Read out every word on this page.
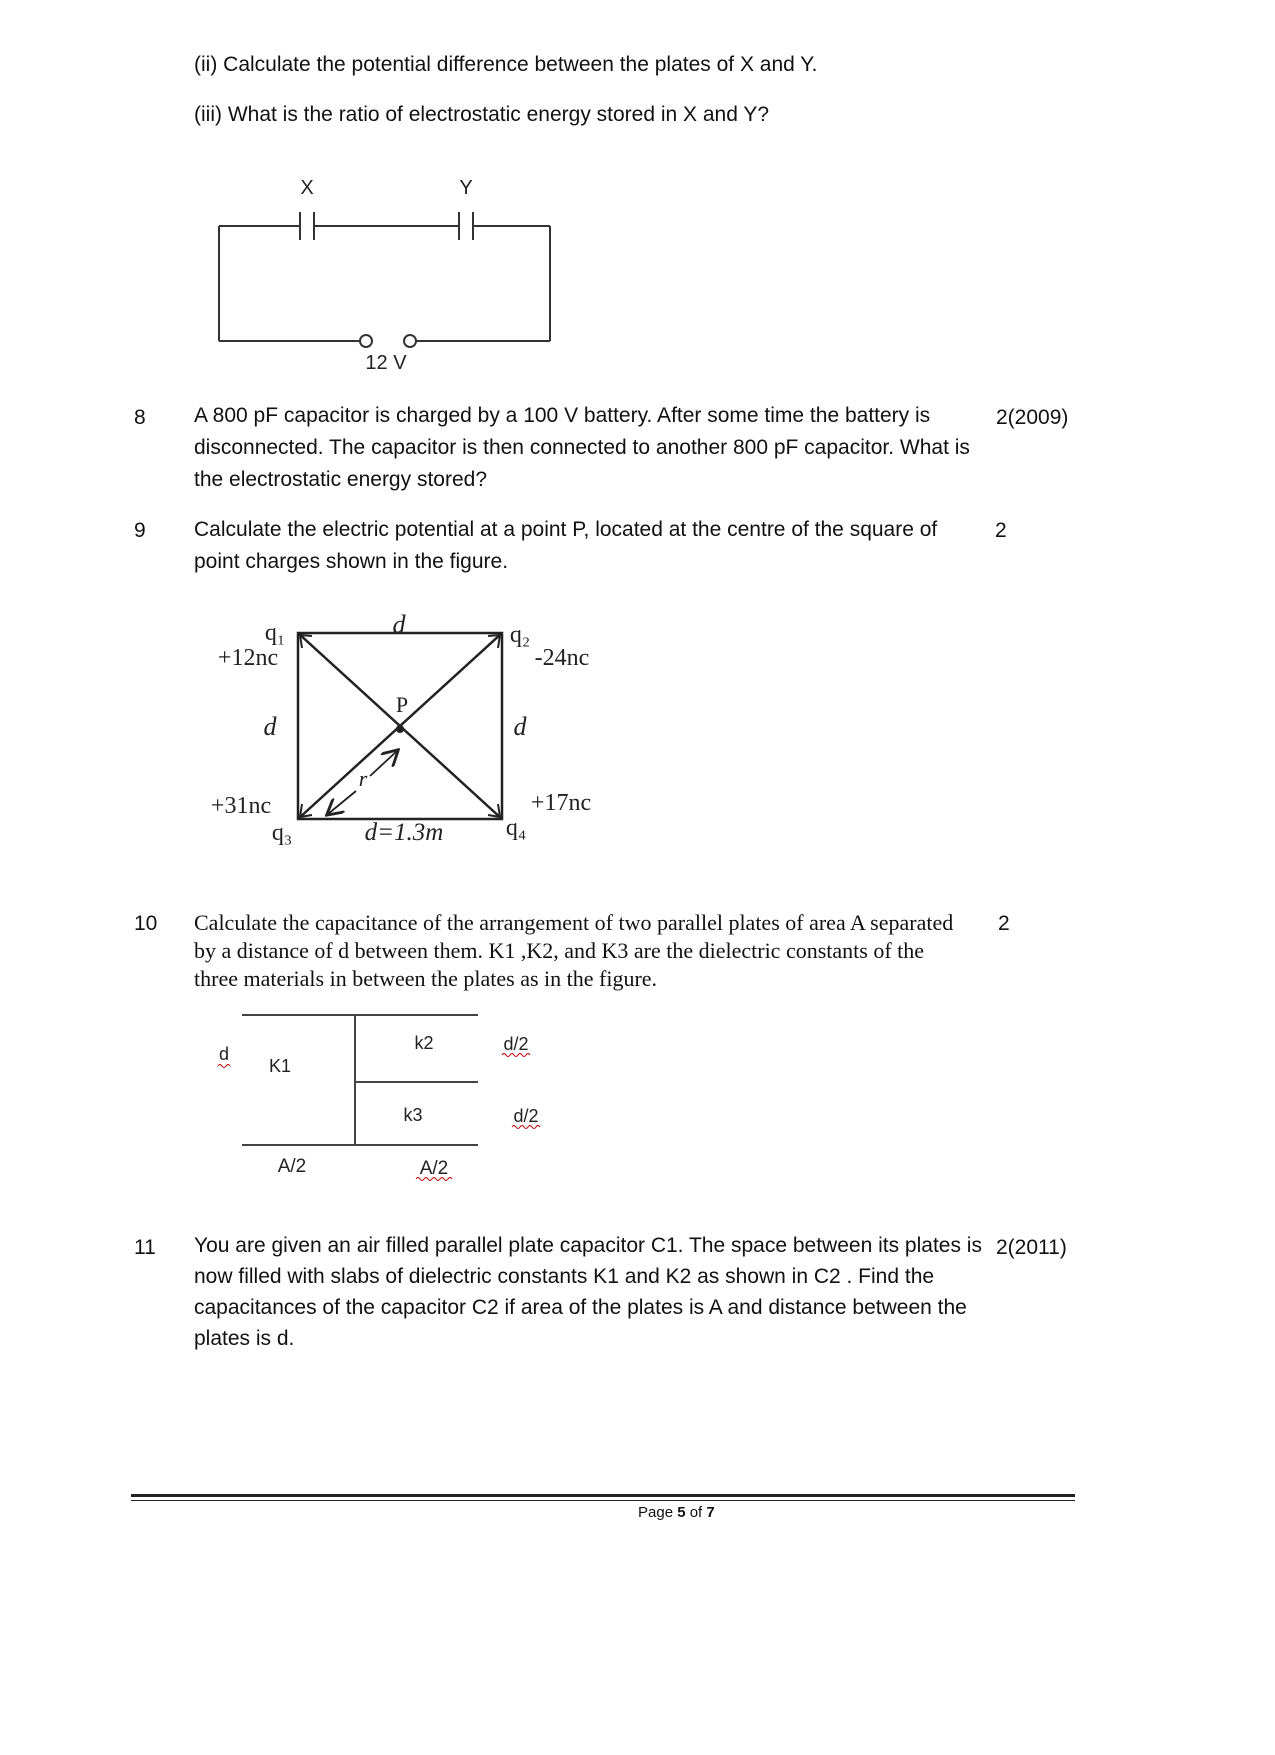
(ii) Calculate the potential difference between the plates of X and Y.
(iii) What is the ratio of electrostatic energy stored in X and Y?
X	Y
12 V
8 A 800 pF capacitor is charged by a 100 V battery. After some time the battery is disconnected. The capacitor is then connected to another 800 pF capacitor. What is the electrostatic energy stored?
2(2009)
9 Calculate the electric potential at a point P, located at the centre of the square of point charges shown in the figure.
2
q₁
+12nc
q₂
-24nc
+31nc
q₃
+17nc
q₄
d
d	d
d=1.3m
P
r
10 Calculate the capacitance of the arrangement of two parallel plates of area A separated by a distance of d between them. K1 ,K2, and K3 are the dielectric constants of the three materials in between the plates as in the figure.
2
d
K1
k2
k3
d/2
d/2
A/2	A/2
11 You are given an air filled parallel plate capacitor C1. The space between its plates is now filled with slabs of dielectric constants K1 and K2 as shown in C2 . Find the capacitances of the capacitor C2 if area of the plates is A and distance between the plates is d.
2(2011)
Page 5 of 7
